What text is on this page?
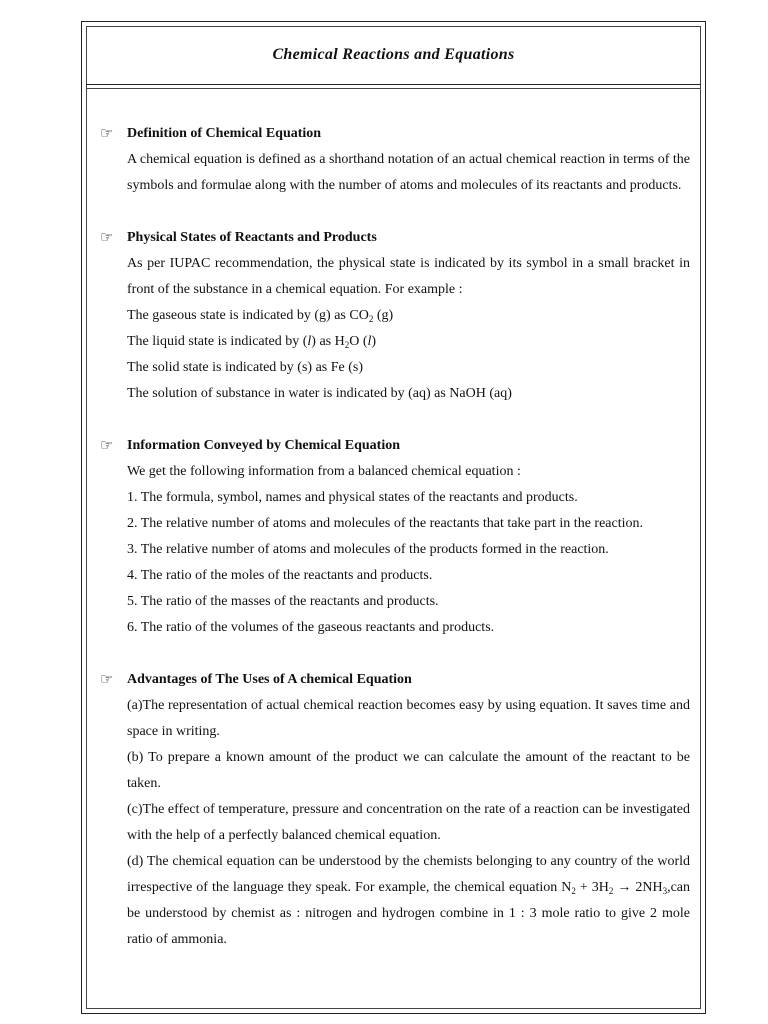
Chemical Reactions and Equations
☞ Definition of Chemical Equation

A chemical equation is defined as a shorthand notation of an actual chemical reaction in terms of the symbols and formulae along with the number of atoms and molecules of its reactants and products.

☞ Physical States of Reactants and Products

As per IUPAC recommendation, the physical state is indicated by its symbol in a small bracket in front of the substance in a chemical equation. For example :

The gaseous state is indicated by (g) as $CO_2$ (g)

The liquid state is indicated by (l) as $H_2O$ (l)

The solid state is indicated by (s) as Fe (s)

The solution of substance in water is indicated by (aq) as NaOH (aq)

☞ Information Conveyed by Chemical Equation

We get the following information from a balanced chemical equation :

1. The formula, symbol, names and physical states of the reactants and products.

2. The relative number of atoms and molecules of the reactants that take part in the reaction.

3. The relative number of atoms and molecules of the products formed in the reaction.

4. The ratio of the moles of the reactants and products.

5. The ratio of the masses of the reactants and products.

6. The ratio of the volumes of the gaseous reactants and products.

☞ Advantages of The Uses of A chemical Equation

(a)The representation of actual chemical reaction becomes easy by using equation. It saves time and space in writing.

(b) To prepare a known amount of the product we can calculate the amount of the reactant to be taken.

(c)The effect of temperature, pressure and concentration on the rate of a reaction can be investigated with the help of a perfectly balanced chemical equation.

(d) The chemical equation can be understood by the chemists belonging to any country of the world irrespective of the language they speak. For example, the chemical equation $N_2 + 3H_2 \to 2NH_3,can$ be understood by chemist as : nitrogen and hydrogen combine in 1 : 3 mole ratio to give 2 mole ratio of ammonia.
